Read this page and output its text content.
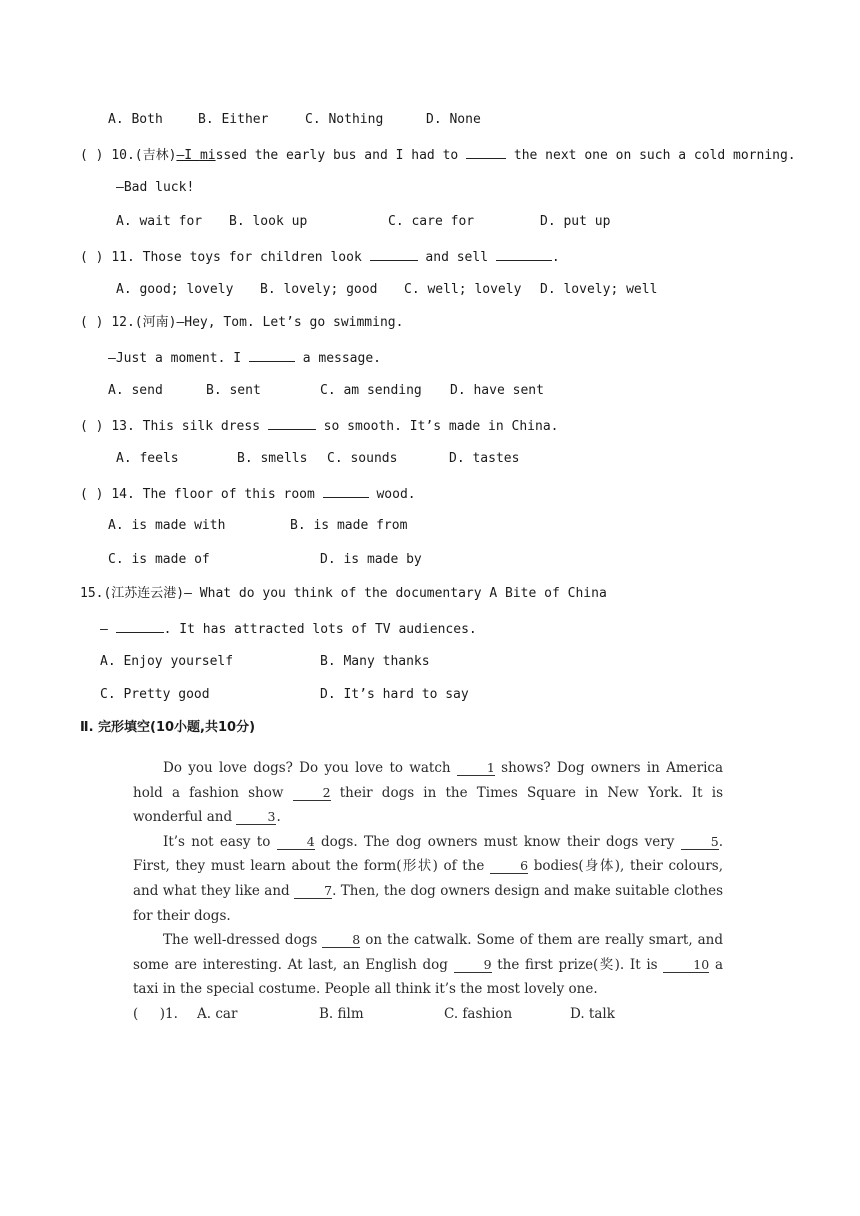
A. Both	B. Either	C. Nothing	D. None
( ) 10.(吉林)—I missed the early bus and I had to	the next one on such a cold morning.
—Bad luck!
A. wait for B. look up	C. care for	D. put up
( ) 11. Those toys for children look	and sell	.
A. good; lovely B. lovely; good C. well; lovely D. lovely; well
( ) 12.(河南)—Hey, Tom. Let’s go swimming.
—Just a moment. I	a message.
A. send	B. sent	C. am sending D. have sent
( ) 13. This silk dress	so smooth. It’s made in China.
A. feels	B. smells C. sounds	D. tastes
( ) 14. The floor of this room	wood.
A. is made with	B. is made from
C. is made of	D. is made by
15.(江苏连云港)— What do you think of the documentary A Bite of China
—	. It has attracted lots of TV audiences.
A. Enjoy yourself	B. Many thanks
C. Pretty good	D. It’s hard to say
Ⅱ. 完形填空(10小题,共10分)

Do you love dogs? Do you love to watch 1 shows? Dog owners in America hold a fashion show 2 their dogs in the Times Square in New York. It is wonderful and 3.

It’s not easy to 4 dogs. The dog owners must know their dogs very 5. First, they must learn about the form(形状) of the 6 bodies(身体), their colours, and what they like and 7. Then, the dog owners design and make suitable clothes for their dogs.

The well-dressed dogs 8 on the catwalk. Some of them are really smart, and some are interesting. At last, an English dog 9 the first prize(奖). It is 10 a taxi in the special costume. People all think it’s the most lovely one.

(     )1. A. car	B. film	C. fashion	D. talk
